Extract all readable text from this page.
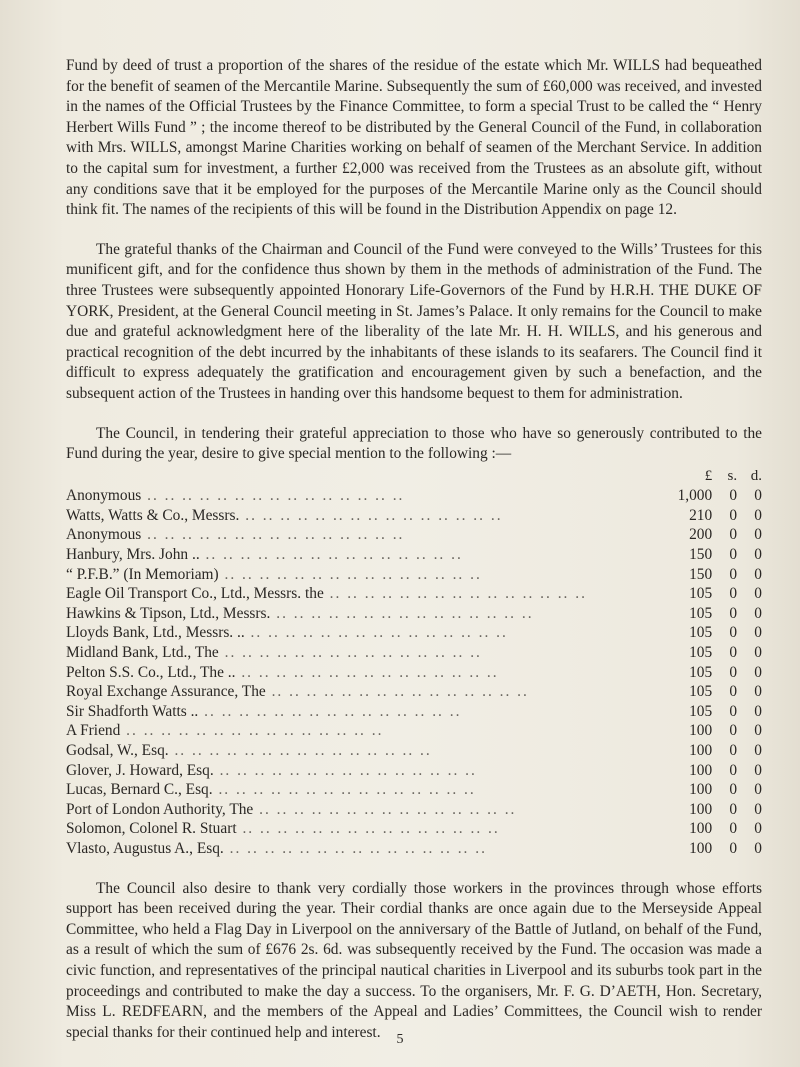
Fund by deed of trust a proportion of the shares of the residue of the estate which Mr. WILLS had bequeathed for the benefit of seamen of the Mercantile Marine. Subsequently the sum of £60,000 was received, and invested in the names of the Official Trustees by the Finance Committee, to form a special Trust to be called the “ Henry Herbert Wills Fund ” ; the income thereof to be distributed by the General Council of the Fund, in collaboration with Mrs. WILLS, amongst Marine Charities working on behalf of seamen of the Merchant Service. In addition to the capital sum for investment, a further £2,000 was received from the Trustees as an absolute gift, without any conditions save that it be employed for the purposes of the Mercantile Marine only as the Council should think fit. The names of the recipients of this will be found in the Distribution Appendix on page 12.

The grateful thanks of the Chairman and Council of the Fund were conveyed to the Wills’ Trustees for this munificent gift, and for the confidence thus shown by them in the methods of administration of the Fund. The three Trustees were subsequently appointed Honorary Life-Governors of the Fund by H.R.H. THE DUKE OF YORK, President, at the General Council meeting in St. James’s Palace. It only remains for the Council to make due and grateful acknowledgment here of the liberality of the late Mr. H. H. WILLS, and his generous and practical recognition of the debt incurred by the inhabitants of these islands to its seafarers. The Council find it difficult to express adequately the gratification and encouragement given by such a benefaction, and the subsequent action of the Trustees in handing over this handsome bequest to them for administration.

The Council, in tendering their grateful appreciation to those who have so generously contributed to the Fund during the year, desire to give special mention to the following :—

	£	s.	d.
Anonymous .. .. .. .. .. .. .. .. .. .. .. .. .. .. ..	1,000	0	0
Watts, Watts & Co., Messrs. .. .. .. .. .. .. .. .. .. .. .. .. .. .. ..	210	0	0
Anonymous .. .. .. .. .. .. .. .. .. .. .. .. .. .. ..	200	0	0
Hanbury, Mrs. John .. .. .. .. .. .. .. .. .. .. .. .. .. .. .. ..	150	0	0
“ P.F.B.” (In Memoriam) .. .. .. .. .. .. .. .. .. .. .. .. .. .. ..	150	0	0
Eagle Oil Transport Co., Ltd., Messrs. the .. .. .. .. .. .. .. .. .. .. .. .. .. .. ..	105	0	0
Hawkins & Tipson, Ltd., Messrs. .. .. .. .. .. .. .. .. .. .. .. .. .. .. ..	105	0	0
Lloyds Bank, Ltd., Messrs. .. .. .. .. .. .. .. .. .. .. .. .. .. .. .. ..	105	0	0
Midland Bank, Ltd., The .. .. .. .. .. .. .. .. .. .. .. .. .. .. ..	105	0	0
Pelton S.S. Co., Ltd., The .. .. .. .. .. .. .. .. .. .. .. .. .. .. .. ..	105	0	0
Royal Exchange Assurance, The .. .. .. .. .. .. .. .. .. .. .. .. .. .. ..	105	0	0
Sir Shadforth Watts .. .. .. .. .. .. .. .. .. .. .. .. .. .. .. ..	105	0	0
A Friend .. .. .. .. .. .. .. .. .. .. .. .. .. .. ..	100	0	0
Godsal, W., Esq. .. .. .. .. .. .. .. .. .. .. .. .. .. .. ..	100	0	0
Glover, J. Howard, Esq. .. .. .. .. .. .. .. .. .. .. .. .. .. .. ..	100	0	0
Lucas, Bernard C., Esq. .. .. .. .. .. .. .. .. .. .. .. .. .. .. ..	100	0	0
Port of London Authority, The .. .. .. .. .. .. .. .. .. .. .. .. .. .. ..	100	0	0
Solomon, Colonel R. Stuart .. .. .. .. .. .. .. .. .. .. .. .. .. .. ..	100	0	0
Vlasto, Augustus A., Esq. .. .. .. .. .. .. .. .. .. .. .. .. .. .. ..	100	0	0

The Council also desire to thank very cordially those workers in the provinces through whose efforts support has been received during the year. Their cordial thanks are once again due to the Merseyside Appeal Committee, who held a Flag Day in Liverpool on the anniversary of the Battle of Jutland, on behalf of the Fund, as a result of which the sum of £676 2s. 6d. was subsequently received by the Fund. The occasion was made a civic function, and representatives of the principal nautical charities in Liverpool and its suburbs took part in the proceedings and contributed to make the day a success. To the organisers, Mr. F. G. D’AETH, Hon. Secretary, Miss L. REDFEARN, and the members of the Appeal and Ladies’ Committees, the Council wish to render special thanks for their continued help and interest.	5
